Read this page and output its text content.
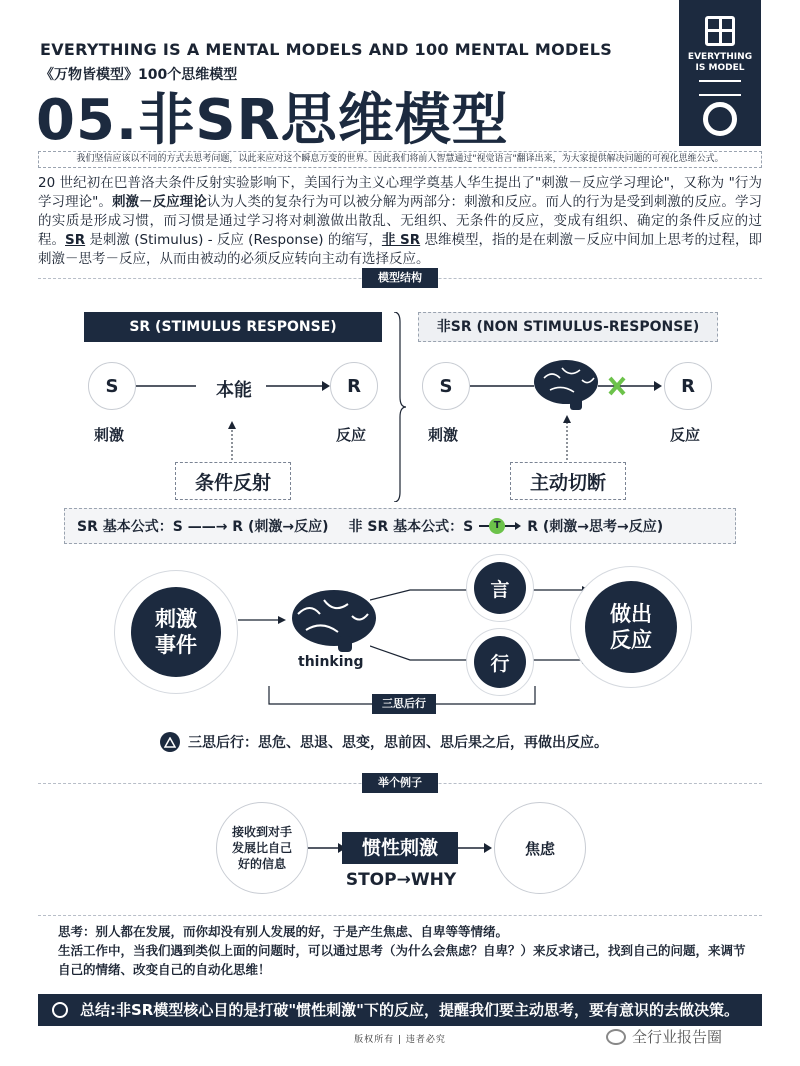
EVERYTHING IS A MENTAL MODELS AND 100 MENTAL MODELS
《万物皆模型》100个思维模型
05.非SR思维模型
EVERYTHING
IS MODEL
我们坚信应该以不同的方式去思考问题，以此来应对这个瞬息万变的世界。因此我们将前人智慧通过"视觉语言"翻译出来，为大家提供解决问题的可视化思维公式。
20 世纪初在巴普洛夫条件反射实验影响下，美国行为主义心理学奠基人华生提出了"刺激－反应学习理论"，又称为 "行为学习理论"。刺激－反应理论认为人类的复杂行为可以被分解为两部分：刺激和反应。而人的行为是受到刺激的反应。学习的实质是形成习惯，而习惯是通过学习将对刺激做出散乱、无组织、无条件的反应，变成有组织、确定的条件反应的过程。SR 是刺激 (Stimulus) - 反应 (Response) 的缩写，非 SR 思维模型，指的是在刺激－反应中间加上思考的过程，即刺激－思考－反应，从而由被动的必须反应转向主动有选择反应。
模型结构
SR (STIMULUS RESPONSE)
S	R
本能
刺激	反应
条件反射
非SR (NON STIMULUS-RESPONSE)
S	R
刺激	反应
主动切断
SR 基本公式：S ——→ R (刺激→反应) 非 SR 基本公式：S	T	R (刺激→思考→反应)
刺激事件
thinking
言
行
做出反应
三思后行
三思后行：思危、思退、思变，思前因、思后果之后，再做出反应。
举个例子
接收到对手发展比自己好的信息
惯性刺激
STOP→WHY
焦虑
思考：别人都在发展，而你却没有别人发展的好，于是产生焦虑、自卑等等情绪。
生活工作中，当我们遇到类似上面的问题时，可以通过思考（为什么会焦虑？自卑？）来反求诸己，找到自己的问题，来调节自己的情绪、改变自己的自动化思维！
总结:非SR模型核心目的是打破"惯性刺激"下的反应，提醒我们要主动思考，要有意识的去做决策。
版权所有 | 违者必究	全行业报告圈
